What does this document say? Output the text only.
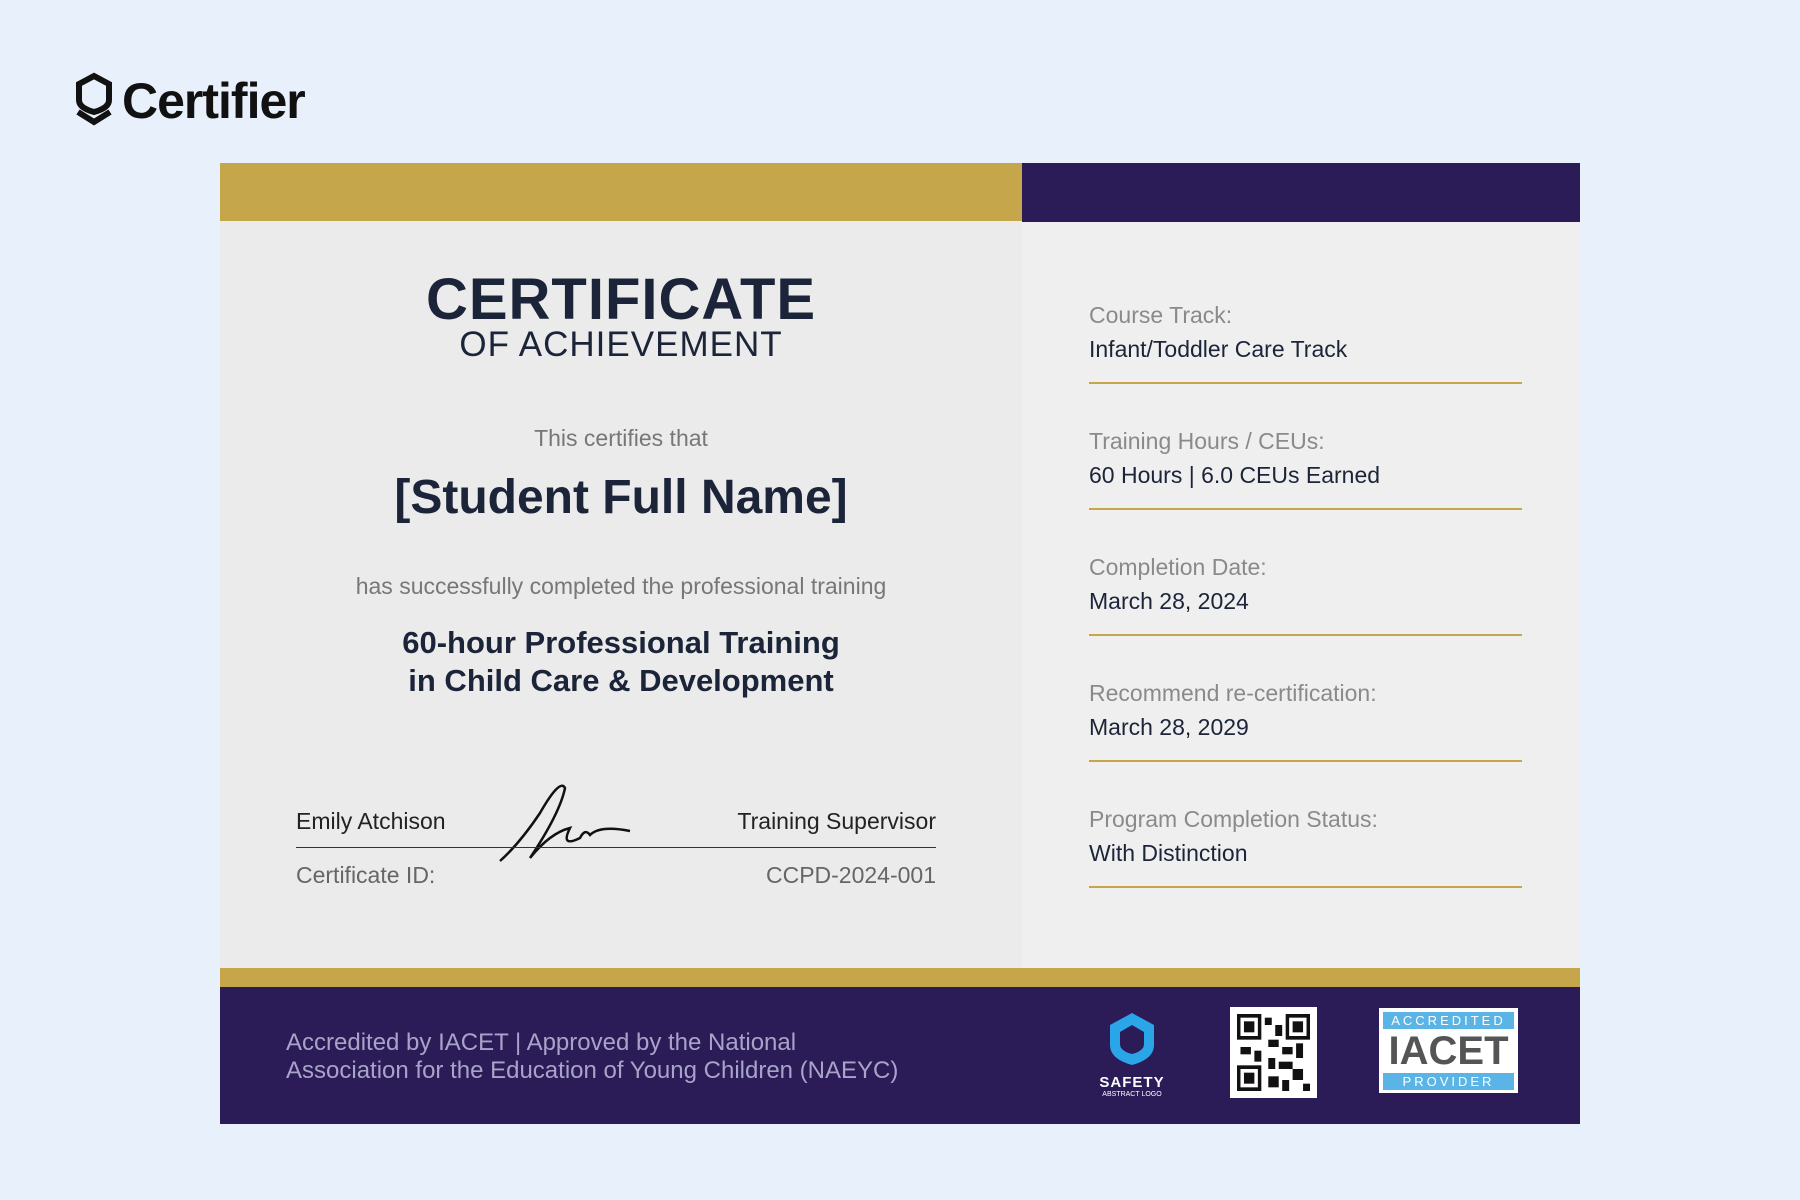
Certifier
CERTIFICATE
OF ACHIEVEMENT
This certifies that
[Student Full Name]
has successfully completed the professional training
60-hour Professional Training
in Child Care & Development
Emily Atchison	Training Supervisor
Certificate ID:	CCPD-2024-001
Course Track:
Infant/Toddler Care Track
Training Hours / CEUs:
60 Hours | 6.0 CEUs Earned
Completion Date:
March 28, 2024
Recommend re-certification:
March 28, 2029
Program Completion Status:
With Distinction
Accredited by IACET | Approved by the National
Association for the Education of Young Children (NAEYC)	SAFETY
ABSTRACT LOGO
ACCREDITED
IACET
PROVIDER
